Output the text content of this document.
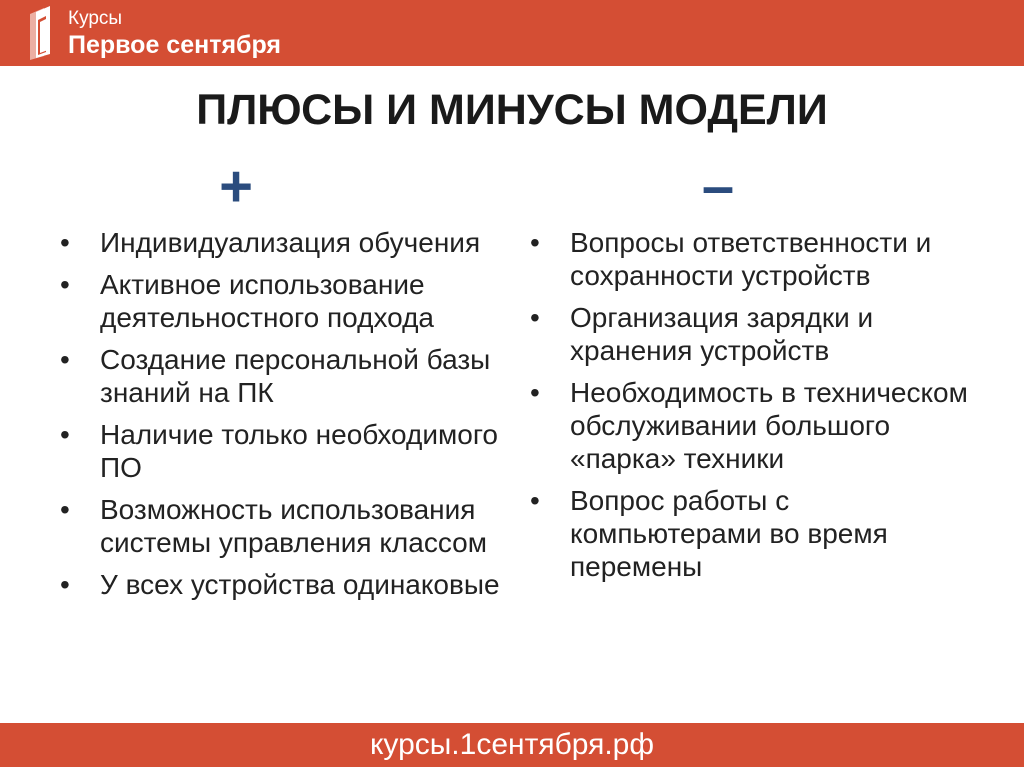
Курсы
Первое сентября
ПЛЮСЫ И МИНУСЫ МОДЕЛИ
+	–
• Индивидуализация обучения
• Активное использование деятельностного подхода
• Создание персональной базы знаний на ПК
• Наличие только необходимого ПО
• Возможность использования системы управления классом
• У всех устройства одинаковые
• Вопросы ответственности и сохранности устройств
• Организация зарядки и хранения устройств
• Необходимость в техническом обслуживании большого «парка» техники
• Вопрос работы с компьютерами во время перемены
курсы.1сентября.рф
